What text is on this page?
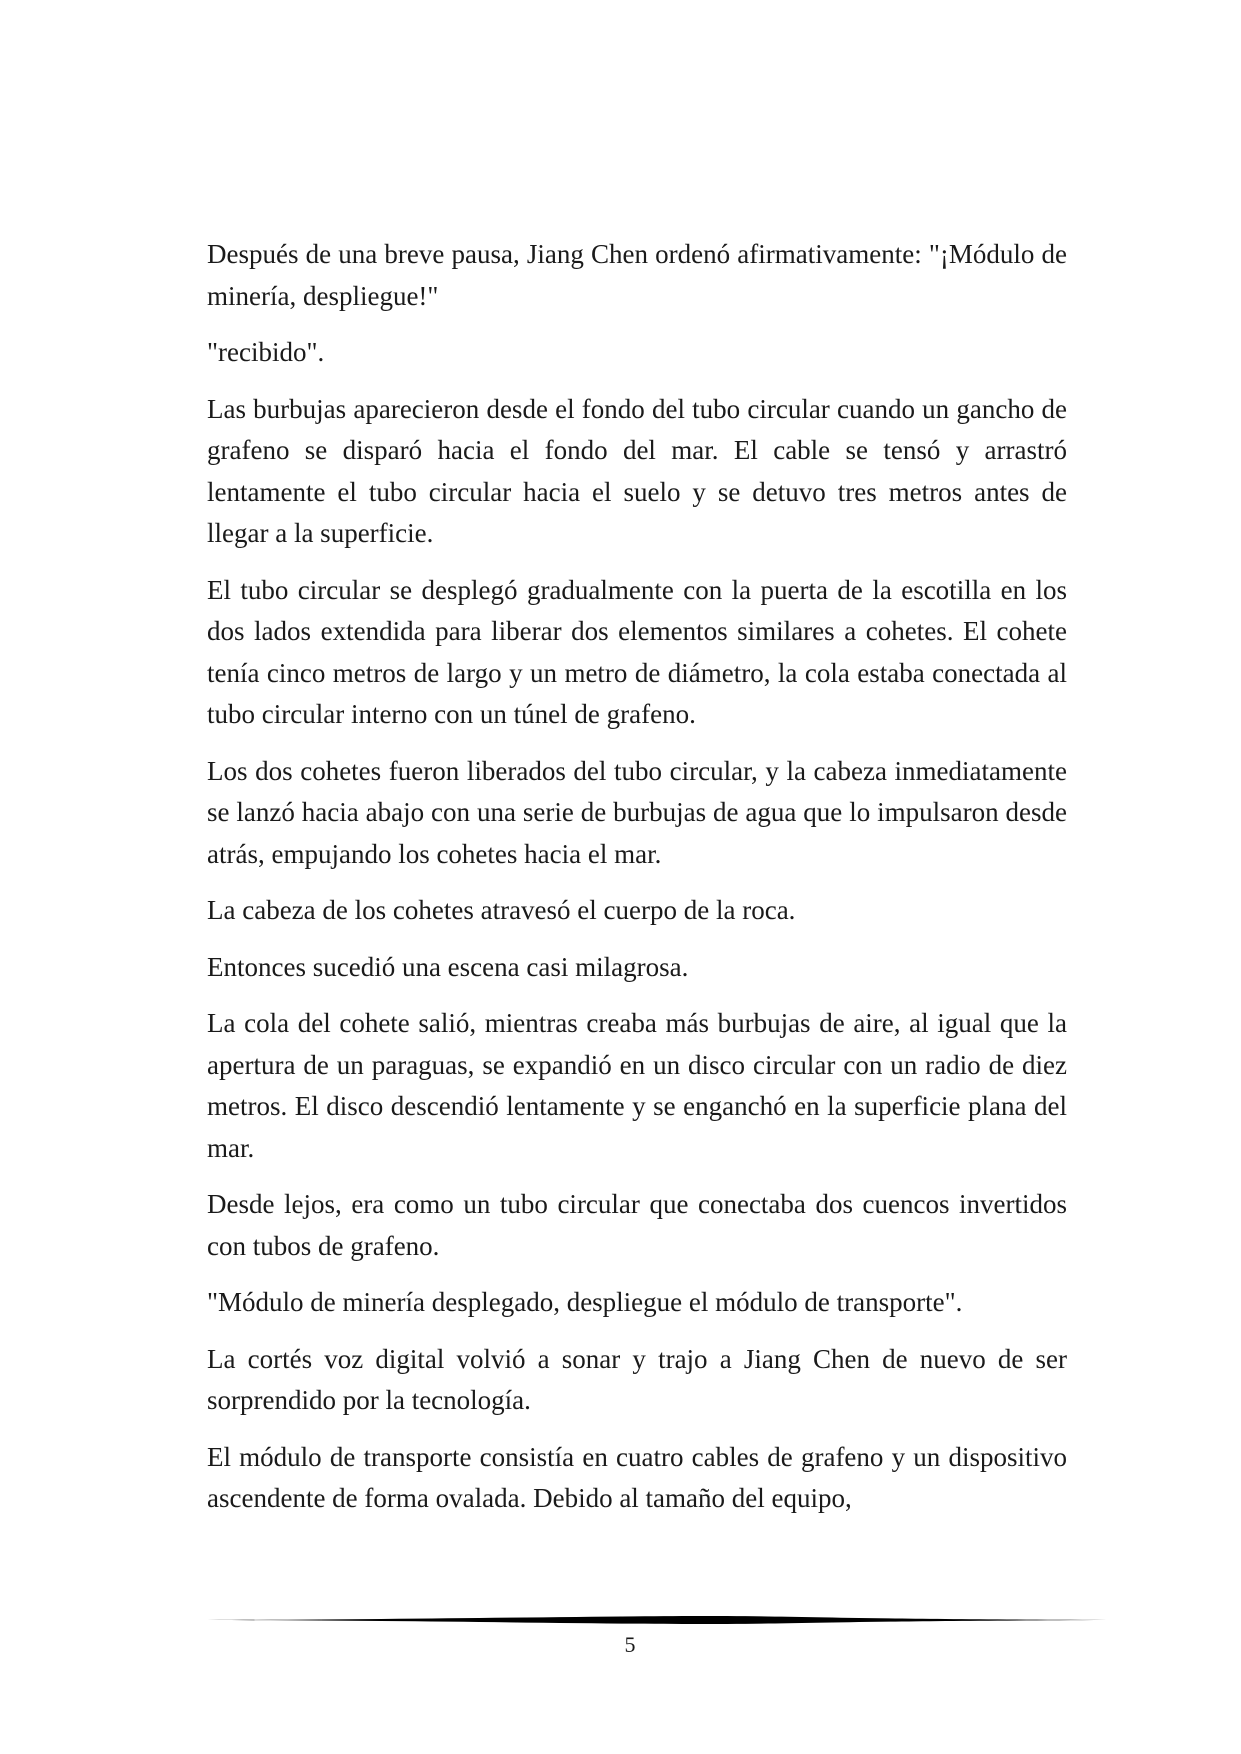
Después de una breve pausa, Jiang Chen ordenó afirmativamente: "¡Módulo de minería, despliegue!"

"recibido".

Las burbujas aparecieron desde el fondo del tubo circular cuando un gancho de grafeno se disparó hacia el fondo del mar. El cable se tensó y arrastró lentamente el tubo circular hacia el suelo y se detuvo tres metros antes de llegar a la superficie.

El tubo circular se desplegó gradualmente con la puerta de la escotilla en los dos lados extendida para liberar dos elementos similares a cohetes. El cohete tenía cinco metros de largo y un metro de diámetro, la cola estaba conectada al tubo circular interno con un túnel de grafeno.

Los dos cohetes fueron liberados del tubo circular, y la cabeza inmediatamente se lanzó hacia abajo con una serie de burbujas de agua que lo impulsaron desde atrás, empujando los cohetes hacia el mar.

La cabeza de los cohetes atravesó el cuerpo de la roca.

Entonces sucedió una escena casi milagrosa.

La cola del cohete salió, mientras creaba más burbujas de aire, al igual que la apertura de un paraguas, se expandió en un disco circular con un radio de diez metros. El disco descendió lentamente y se enganchó en la superficie plana del mar.

Desde lejos, era como un tubo circular que conectaba dos cuencos invertidos con tubos de grafeno.

"Módulo de minería desplegado, despliegue el módulo de transporte".

La cortés voz digital volvió a sonar y trajo a Jiang Chen de nuevo de ser sorprendido por la tecnología.

El módulo de transporte consistía en cuatro cables de grafeno y un dispositivo ascendente de forma ovalada. Debido al tamaño del equipo,

5
